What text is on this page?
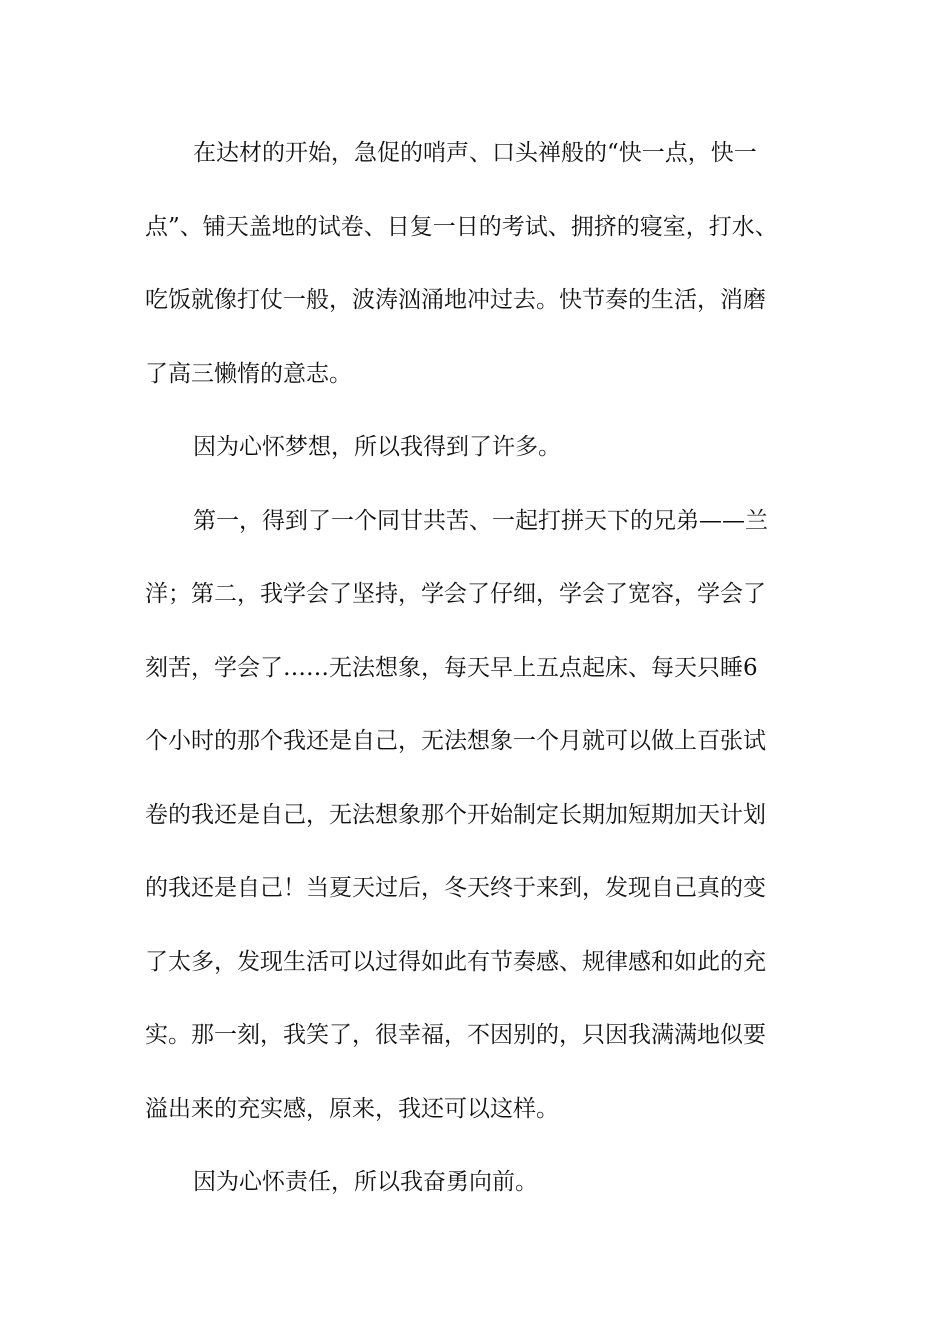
在达材的开始，急促的哨声、口头禅般的“快一点，快一
点”、铺天盖地的试卷、日复一日的考试、拥挤的寝室，打水、
吃饭就像打仗一般，波涛汹涌地冲过去。快节奏的生活，消磨
了高三懒惰的意志。
因为心怀梦想，所以我得到了许多。
第一，得到了一个同甘共苦、一起打拼天下的兄弟——兰
洋；第二，我学会了坚持，学会了仔细，学会了宽容，学会了
刻苦，学会了……无法想象，每天早上五点起床、每天只睡6
个小时的那个我还是自己，无法想象一个月就可以做上百张试
卷的我还是自己，无法想象那个开始制定长期加短期加天计划
的我还是自己！当夏天过后，冬天终于来到，发现自己真的变
了太多，发现生活可以过得如此有节奏感、规律感和如此的充
实。那一刻，我笑了，很幸福，不因别的，只因我满满地似要
溢出来的充实感，原来，我还可以这样。
因为心怀责任，所以我奋勇向前。
